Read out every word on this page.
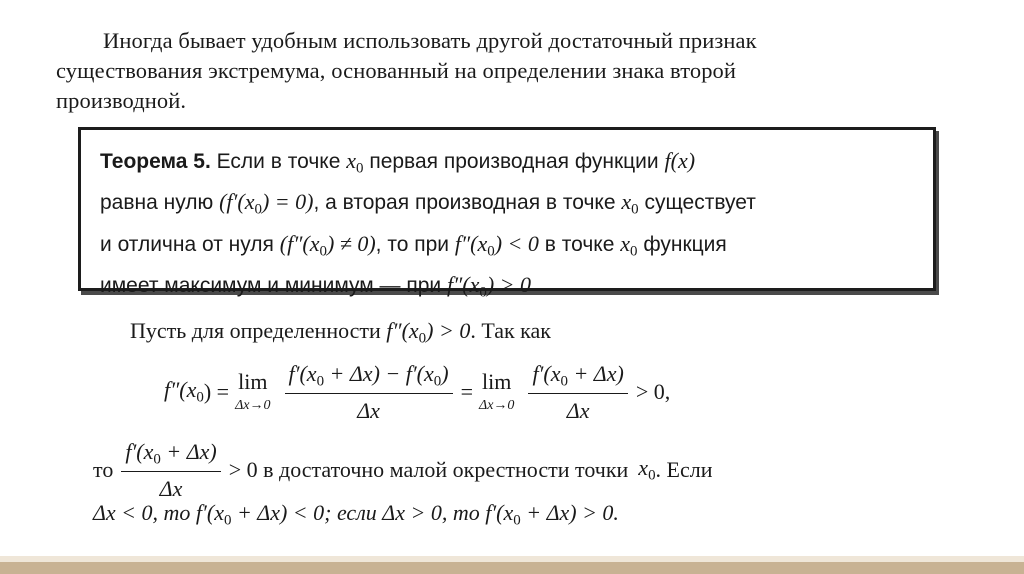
Иногда бывает удобным использовать другой достаточный признак
существования экстремума, основанный на определении знака второй
производной.
Теорема 5. Если в точке $x_0$ первая производная функции f(x)
равна нулю $(f'(x_0) = 0)$, а вторая производная в точке $x_0$ существует
и отлична от нуля $(f''(x_0) \ne 0)$, то при $f''(x_0) < 0$ в точке $x_0$ функция
имеет максимум и минимум — при $f''(x_0) > 0$
Пусть для определенности $f''(x_0) > 0$. Так как
$f''(x_0$ ) = lim
$\Delta x\to 0 \frac{f'(x_0 + \Delta x) - f'(x_0)}{\Delta x} = \lim$
$\Delta x\to 0 \frac{f'(x_0 + \Delta x)}{\Delta x} > 0$,
то $\frac{f'(x_0 + \Delta x)}{\Delta x} > 0$ в достаточно малой окрестности точки $x_0$ . Если
Δx < 0, то $f'(x_0 + \Delta x) < 0$; если Δx > 0, то $f'(x_0 + \Delta x) > 0$.
